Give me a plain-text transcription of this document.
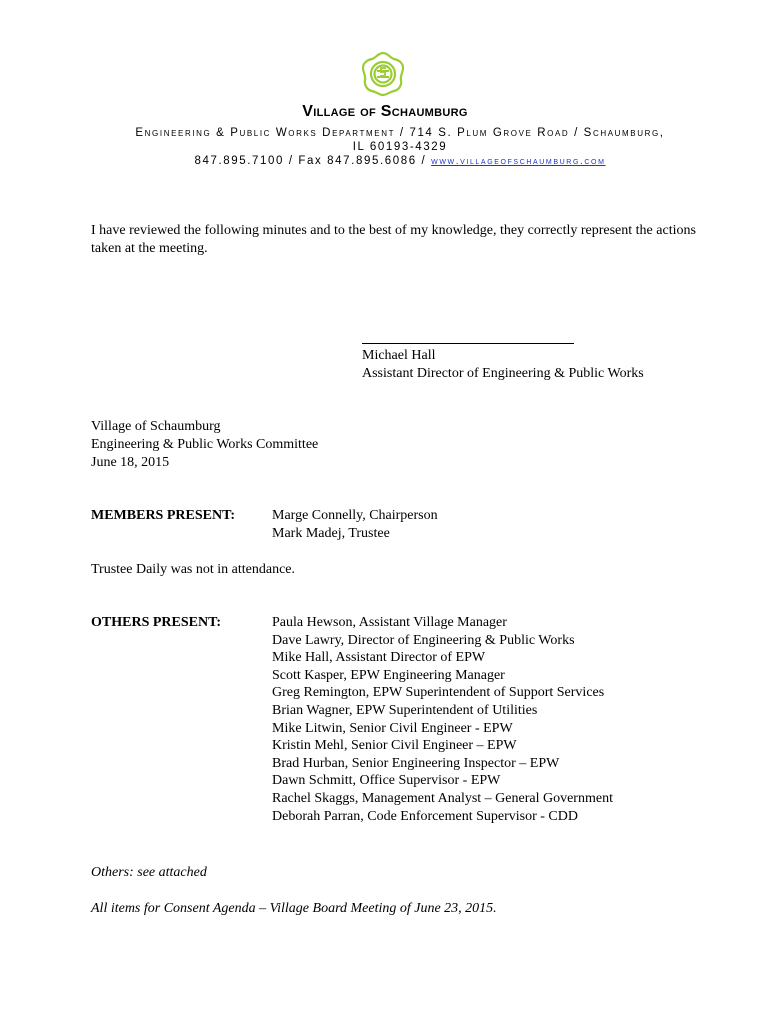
Village of Schaumburg
Engineering & Public Works Department / 714 S. Plum Grove Road / Schaumburg,
IL 60193-4329
847.895.7100 / Fax 847.895.6086 / www.villageofschaumburg.com
I have reviewed the following minutes and to the best of my knowledge, they correctly represent the actions taken at the meeting.
Michael Hall
Assistant Director of Engineering & Public Works
Village of Schaumburg
Engineering & Public Works Committee
June 18, 2015
MEMBERS PRESENT:	Marge Connelly, Chairperson
Mark Madej, Trustee
Trustee Daily was not in attendance.
OTHERS PRESENT:	Paula Hewson, Assistant Village Manager
Dave Lawry, Director of Engineering & Public Works
Mike Hall, Assistant Director of EPW
Scott Kasper, EPW Engineering Manager
Greg Remington, EPW Superintendent of Support Services
Brian Wagner, EPW Superintendent of Utilities
Mike Litwin, Senior Civil Engineer - EPW
Kristin Mehl, Senior Civil Engineer – EPW
Brad Hurban, Senior Engineering Inspector – EPW
Dawn Schmitt, Office Supervisor - EPW
Rachel Skaggs, Management Analyst – General Government
Deborah Parran, Code Enforcement Supervisor - CDD
Others: see attached
All items for Consent Agenda – Village Board Meeting of June 23, 2015.
